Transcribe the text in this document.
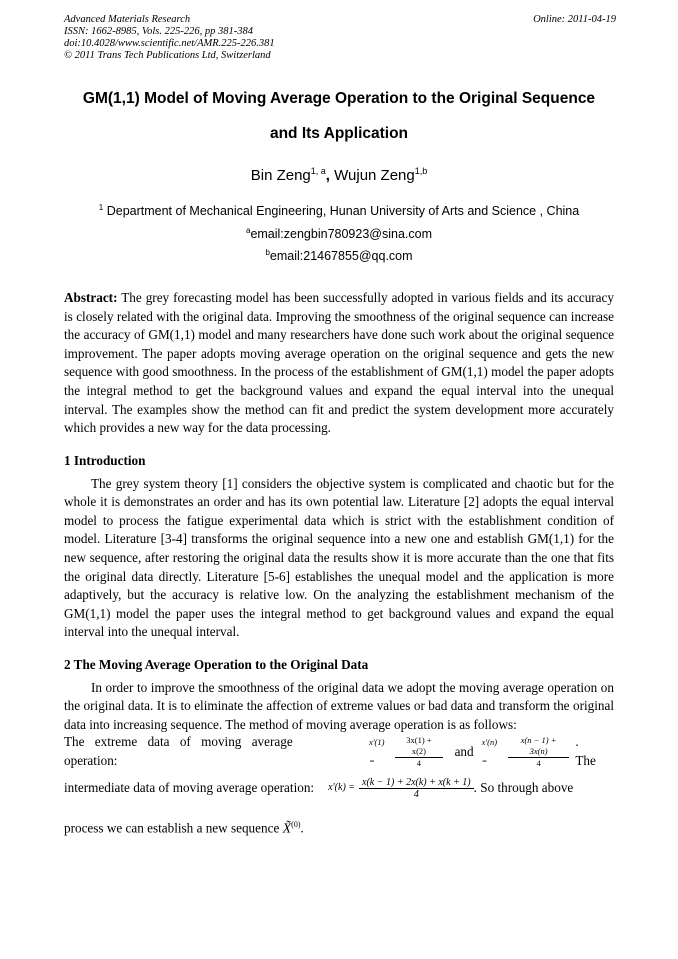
Advanced Materials Research
ISSN: 1662-8985, Vols. 225-226, pp 381-384
doi:10.4028/www.scientific.net/AMR.225-226.381
© 2011 Trans Tech Publications Ltd, Switzerland
Online: 2011-04-19
GM(1,1) Model of Moving Average Operation to the Original Sequence
and Its Application
Bin Zeng$^{1, a}$, Wujun Zeng$^{1,b}$
$^1$ Department of Mechanical Engineering, Hunan University of Arts and Science , China
$^a$email:zengbin780923@sina.com
$^b$email:21467855@qq.com

Abstract: The grey forecasting model has been successfully adopted in various fields and its accuracy is closely related with the original data. Improving the smoothness of the original sequence can increase the accuracy of GM(1,1) model and many researchers have done such work about the original sequence improvement. The paper adopts moving average operation on the original sequence and gets the new sequence with good smoothness. In the process of the establishment of GM(1,1) model the paper adopts the integral method to get the background values and expand the equal interval into the unequal interval. The examples show the method can fit and predict the system development more accurately which provides a new way for the data processing.

1 Introduction

The grey system theory [1] considers the objective system is complicated and chaotic but for the whole it is demonstrates an order and has its own potential law. Literature [2] adopts the equal interval model to process the fatigue experimental data which is strict with the establishment condition of model. Literature [3-4] transforms the original sequence into a new one and establish GM(1,1) for the new sequence, after restoring the original data the results show it is more accurate than the one that fits the original data directly. Literature [5-6] establishes the unequal model and the application is more adaptively, but the accuracy is relative low. On the analyzing the establishment mechanism of the GM(1,1) model the paper uses the integral method to get background values and expand the equal interval into the unequal interval.

2 The Moving Average Operation to the Original Data

In order to improve the smoothness of the original data we adopt the moving average operation on the original data. It is to eliminate the affection of extreme values or bad data and transform the original data into increasing sequence. The method of moving average operation is as follows:

The extreme data of moving average operation:
x'(1) =	$\frac{3x(1) + x(2)}{4}$ and
x'(n) =	$\frac{x(n - 1) + 3x(n)}{4}$ . The
intermediate data of moving average operation: $x'(k) = \frac{x(k - 1) + 2x(k) + x(k + 1)}{4}$ . So through above
process we can establish a new sequence X̃$^{(0)}$.
